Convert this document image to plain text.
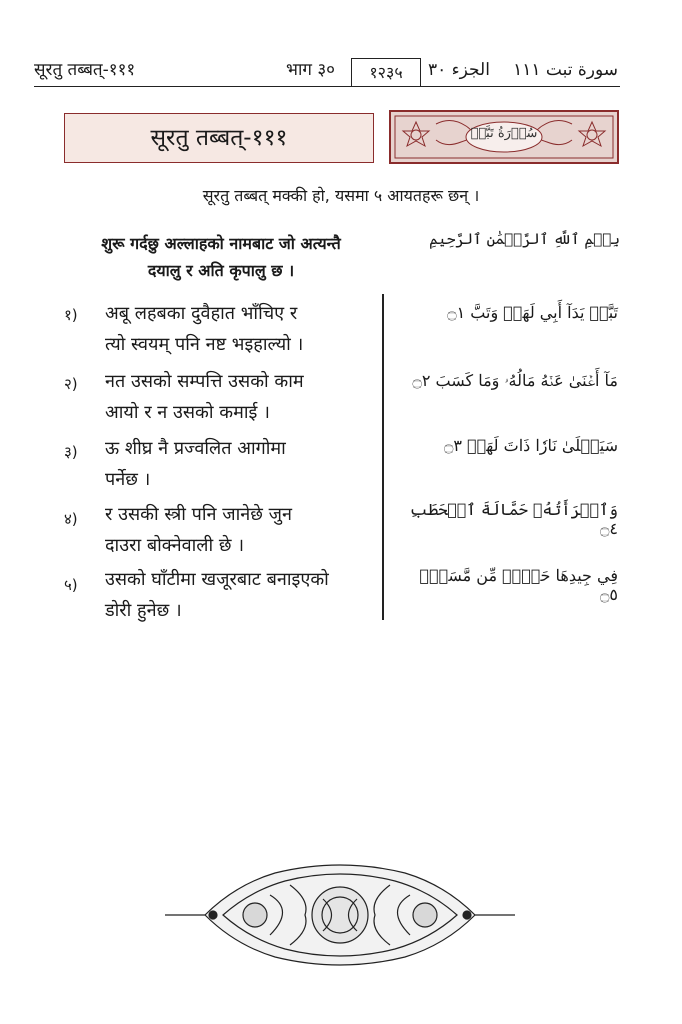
सूरतु तब्बत्-१११	भाग ३०	१२३५	الجزء ٣٠ سورة تبت ١١١
सूरतु तब्बत्-१११	سُوۡرَةُ تَبَّتۡ
सूरतु तब्बत् मक्की हो, यसमा ५ आयतहरू छन् ।
शुरू गर्दछु अल्लाहको नामबाट जो अत्यन्तै
दयालु र अति कृपालु छ ।
بِسۡمِ ٱللَّهِ ٱلرَّحۡمَٰنِ ٱلرَّحِيمِ
१) अबू लहबका दुवैहात भाँचिए र
त्यो स्वयम् पनि नष्ट भइहाल्यो ।
تَبَّتۡ يَدَآ أَبِي لَهَبٖ وَتَبَّ ۝١
२) नत उसको सम्पत्ति उसको काम
आयो र न उसको कमाई ।
مَآ أَغۡنَىٰ عَنۡهُ مَالُهُۥ وَمَا كَسَبَ ۝٢
३) ऊ शीघ्र नै प्रज्वलित आगोमा
पर्नेछ ।
سَيَصۡلَىٰ نَارٗا ذَاتَ لَهَبٖ ۝٣
४) र उसकी स्त्री पनि जानेछे जुन
दाउरा बोक्नेवाली छे ।
وَٱمۡرَأَتُهُۥ حَمَّالَةَ ٱلۡحَطَبِ ۝٤
५) उसको घाँटीमा खजूरबाट बनाइएको
डोरी हुनेछ ।
فِي جِيدِهَا حَبۡلٞ مِّن مَّسَدِۭ ۝٥
